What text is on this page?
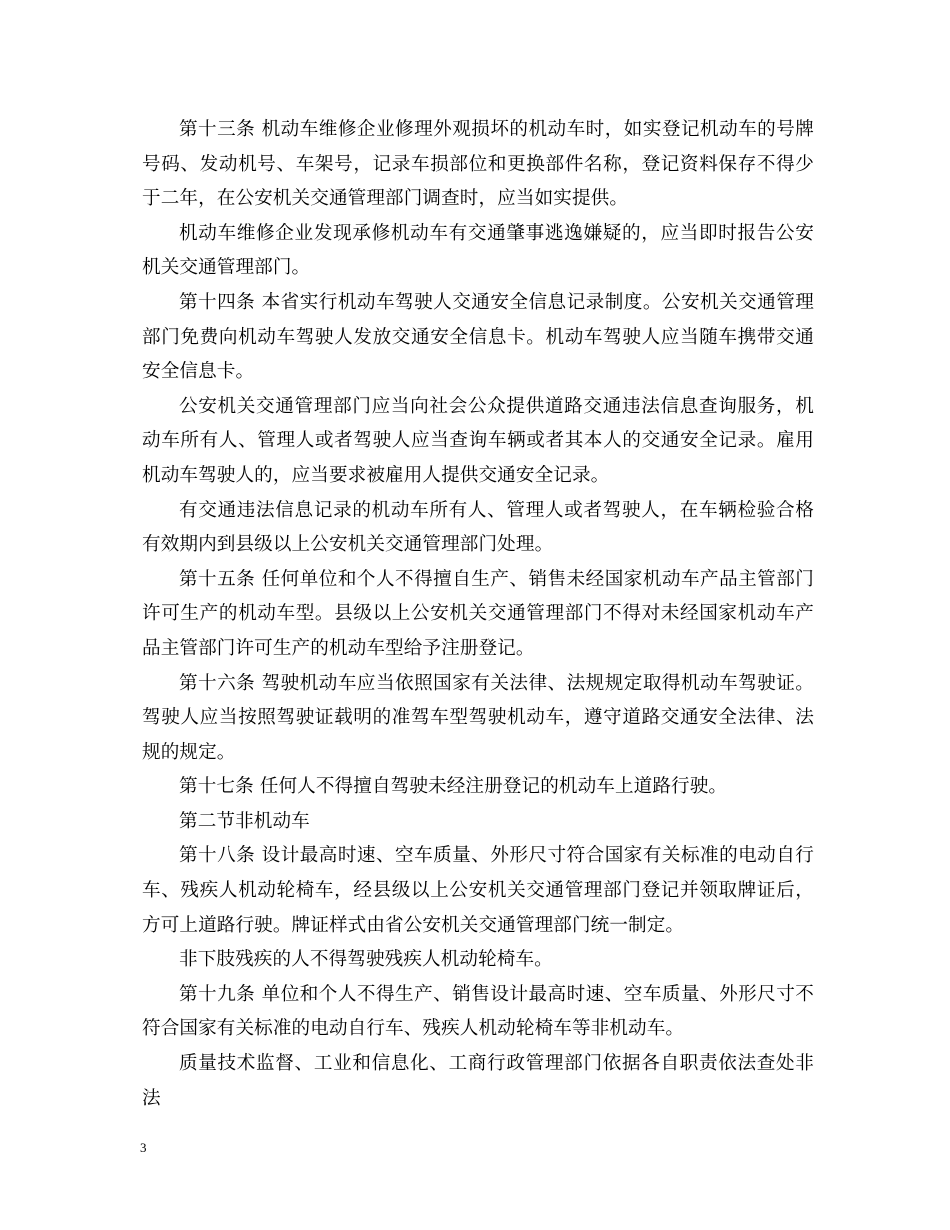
第十三条 机动车维修企业修理外观损坏的机动车时，如实登记机动车的号牌号码、发动机号、车架号，记录车损部位和更换部件名称，登记资料保存不得少于二年，在公安机关交通管理部门调查时，应当如实提供。

机动车维修企业发现承修机动车有交通肇事逃逸嫌疑的，应当即时报告公安机关交通管理部门。

第十四条 本省实行机动车驾驶人交通安全信息记录制度。公安机关交通管理部门免费向机动车驾驶人发放交通安全信息卡。机动车驾驶人应当随车携带交通安全信息卡。

公安机关交通管理部门应当向社会公众提供道路交通违法信息查询服务，机动车所有人、管理人或者驾驶人应当查询车辆或者其本人的交通安全记录。雇用机动车驾驶人的，应当要求被雇用人提供交通安全记录。

有交通违法信息记录的机动车所有人、管理人或者驾驶人，在车辆检验合格有效期内到县级以上公安机关交通管理部门处理。

第十五条 任何单位和个人不得擅自生产、销售未经国家机动车产品主管部门许可生产的机动车型。县级以上公安机关交通管理部门不得对未经国家机动车产品主管部门许可生产的机动车型给予注册登记。

第十六条 驾驶机动车应当依照国家有关法律、法规规定取得机动车驾驶证。驾驶人应当按照驾驶证载明的准驾车型驾驶机动车，遵守道路交通安全法律、法规的规定。

第十七条 任何人不得擅自驾驶未经注册登记的机动车上道路行驶。

第二节非机动车

第十八条 设计最高时速、空车质量、外形尺寸符合国家有关标准的电动自行车、残疾人机动轮椅车，经县级以上公安机关交通管理部门登记并领取牌证后，方可上道路行驶。牌证样式由省公安机关交通管理部门统一制定。

非下肢残疾的人不得驾驶残疾人机动轮椅车。

第十九条 单位和个人不得生产、销售设计最高时速、空车质量、外形尺寸不符合国家有关标准的电动自行车、残疾人机动轮椅车等非机动车。

质量技术监督、工业和信息化、工商行政管理部门依据各自职责依法查处非法

3
